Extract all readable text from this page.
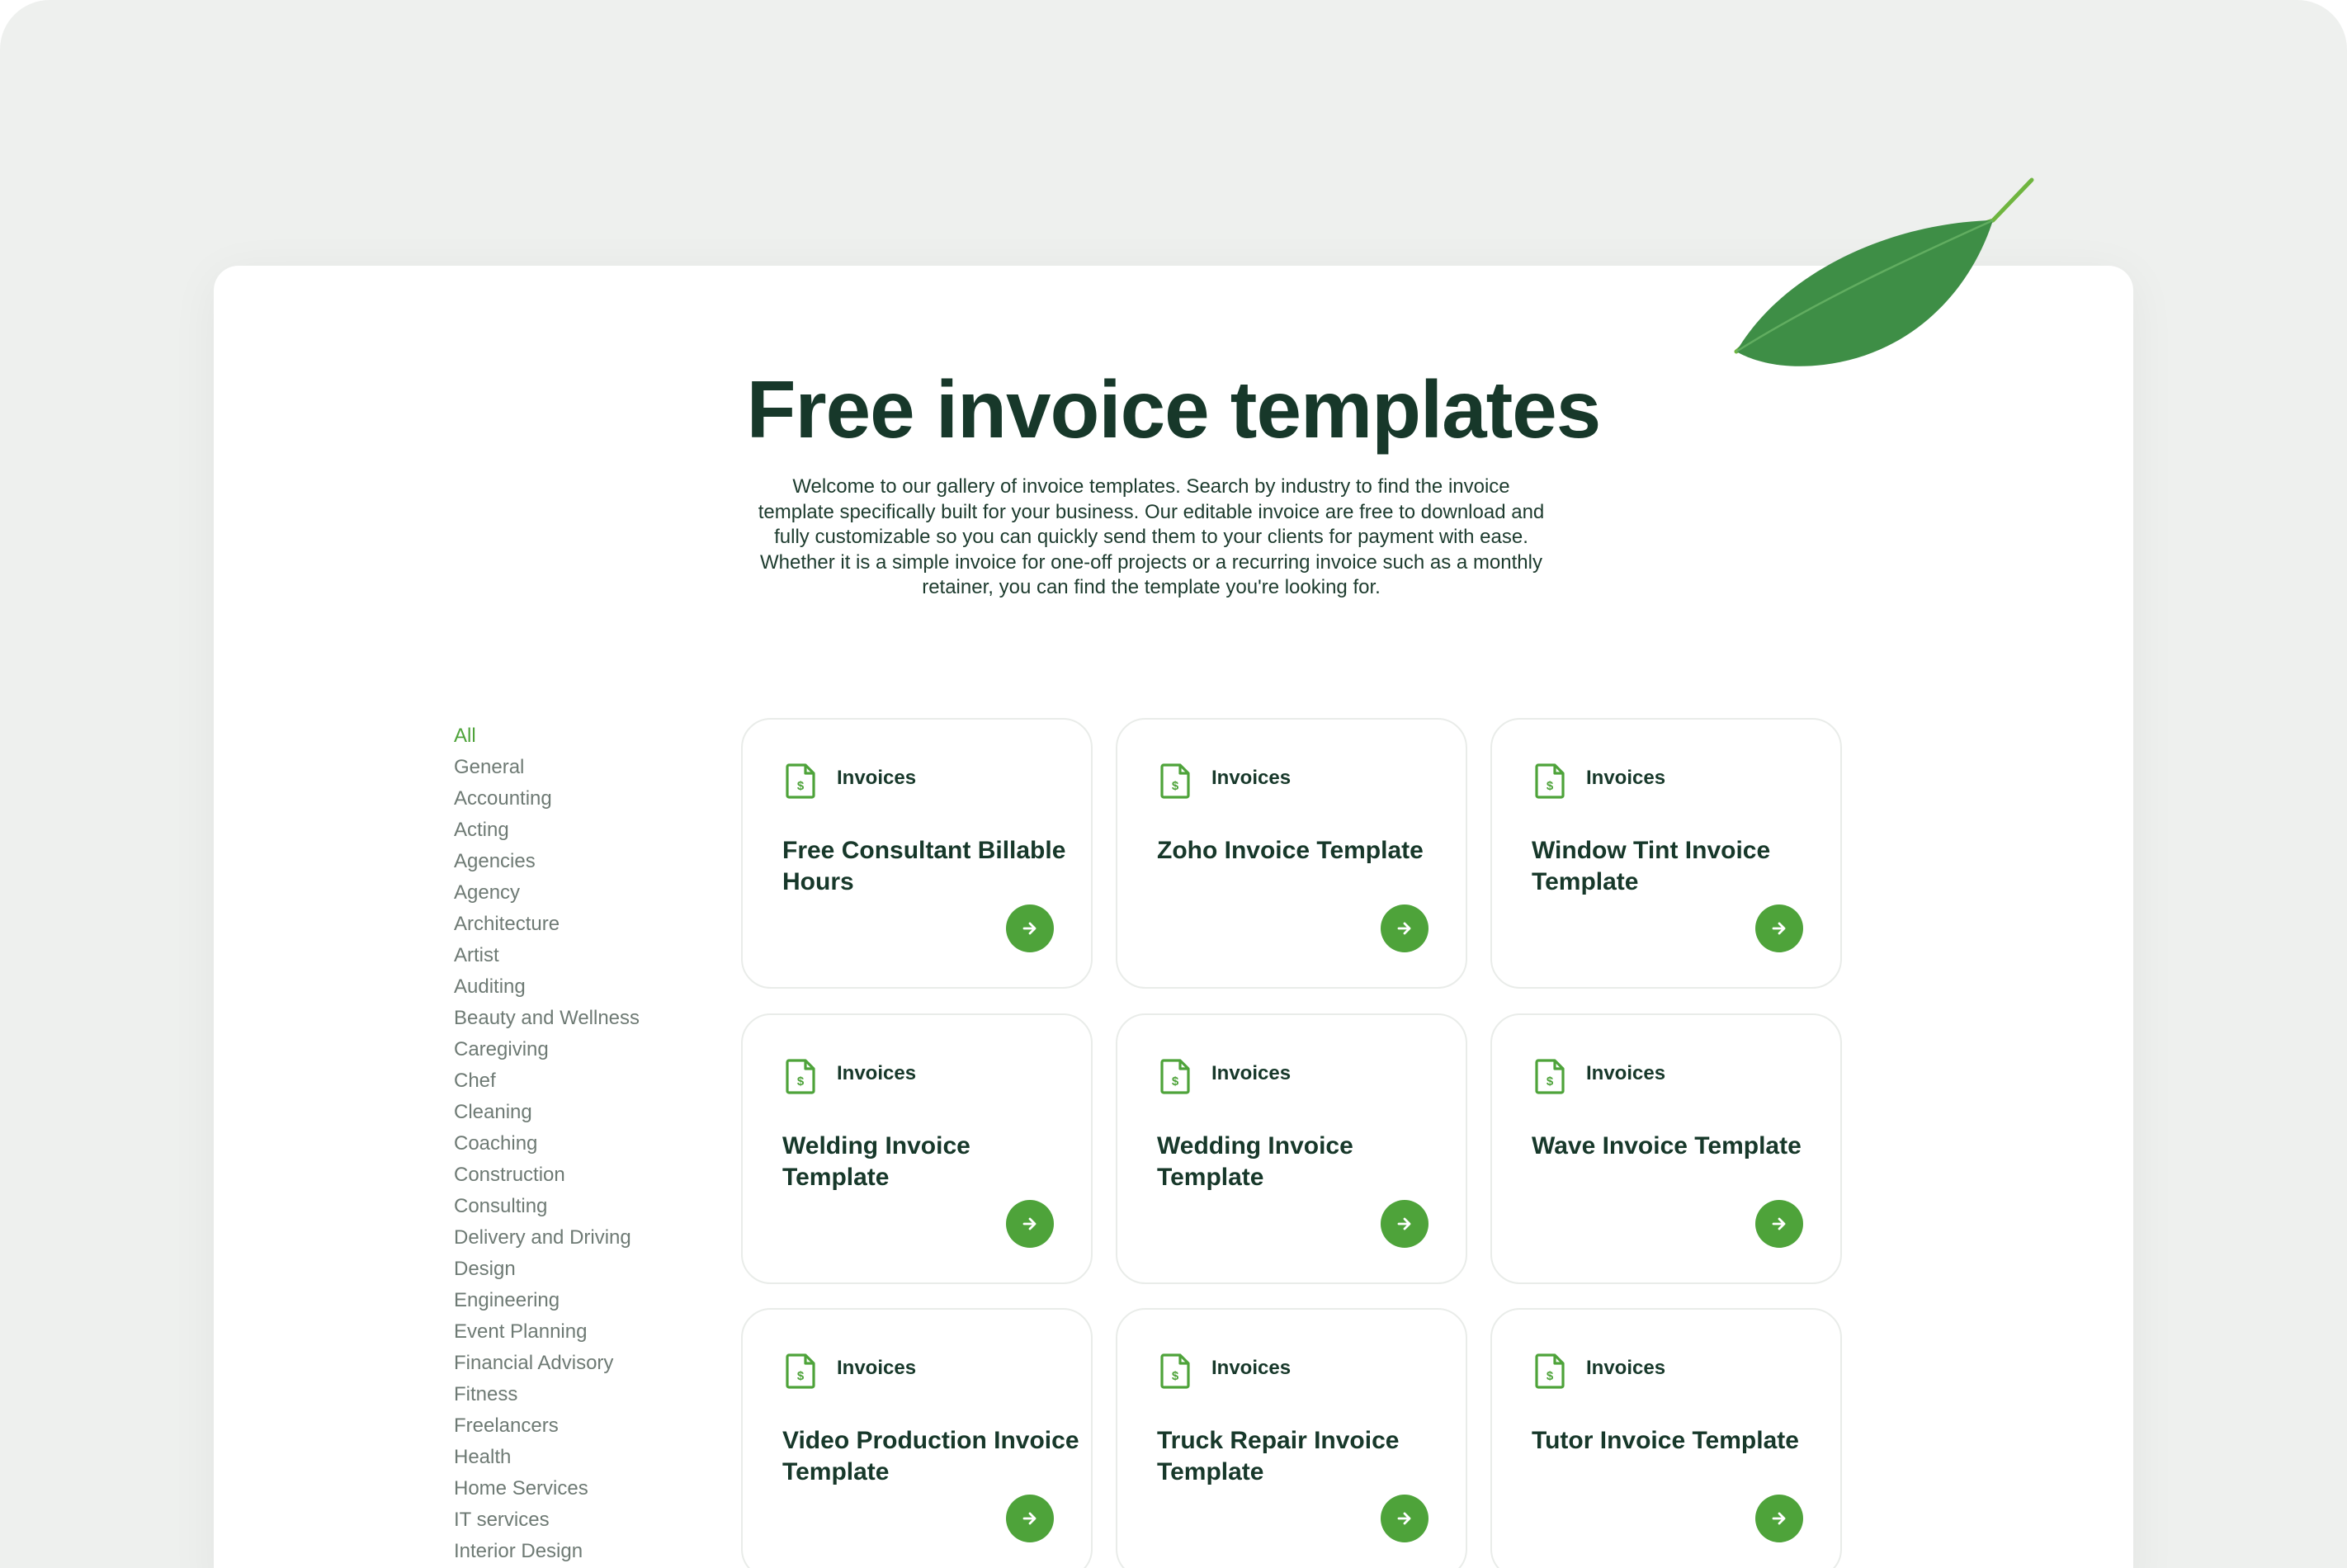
Free invoice templates

Welcome to our gallery of invoice templates. Search by industry to find the invoice template specifically built for your business. Our editable invoice are free to download and fully customizable so you can quickly send them to your clients for payment with ease. Whether it is a simple invoice for one-off projects or a recurring invoice such as a monthly retainer, you can find the template you're looking for.

All
General
Accounting
Acting
Agencies
Agency
Architecture
Artist
Auditing
Beauty and Wellness
Caregiving
Chef
Cleaning
Coaching
Construction
Consulting
Delivery and Driving
Design
Engineering
Event Planning
Financial Advisory
Fitness
Freelancers
Health
Home Services
IT services
Interior Design
$ Invoices
Free Consultant Billable Hours
$ Invoices
Zoho Invoice Template
$ Invoices
Window Tint Invoice Template
$ Invoices
Welding Invoice Template
$ Invoices
Wedding Invoice Template
$ Invoices
Wave Invoice Template
$ Invoices
Video Production Invoice Template
$ Invoices
Truck Repair Invoice Template
$ Invoices
Tutor Invoice Template
